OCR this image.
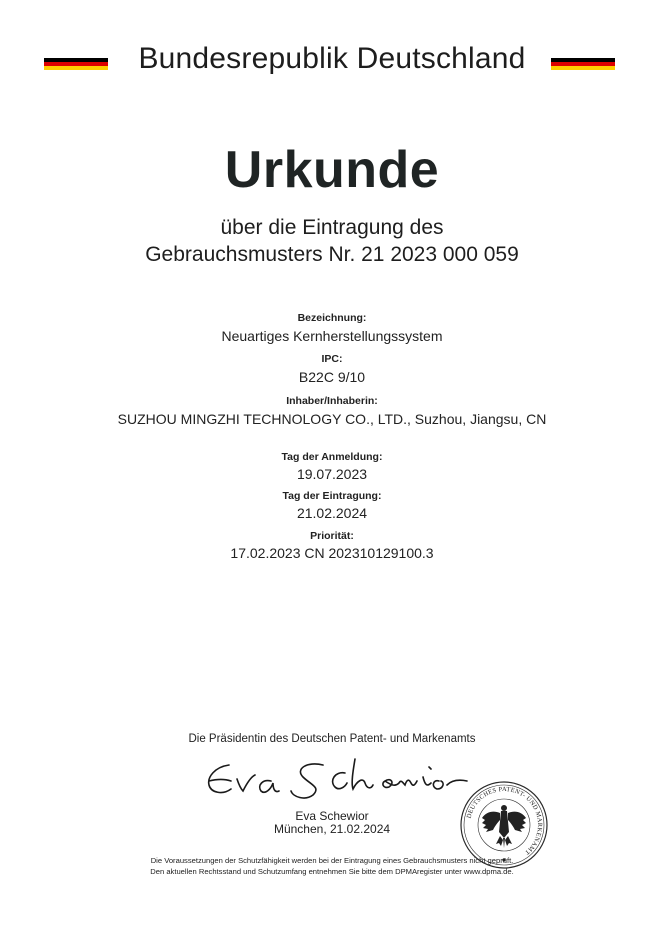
Bundesrepublik Deutschland
Urkunde
über die Eintragung des
Gebrauchsmusters Nr. 21 2023 000 059
Bezeichnung:
Neuartiges Kernherstellungssystem
IPC:
B22C 9/10
Inhaber/Inhaberin:
SUZHOU MINGZHI TECHNOLOGY CO., LTD., Suzhou, Jiangsu, CN
Tag der Anmeldung:
19.07.2023
Tag der Eintragung:
21.02.2024
Priorität:
17.02.2023 CN 202310129100.3
Die Präsidentin des Deutschen Patent- und Markenamts
Eva Schewior
Eva Schewior
München, 21.02.2024
DEUTSCHES PATENT- UND MARKENAMT
Die Voraussetzungen der Schutzfähigkeit werden bei der Eintragung eines Gebrauchsmusters nicht geprüft.
Den aktuellen Rechtsstand und Schutzumfang entnehmen Sie bitte dem DPMAregister unter www.dpma.de.
